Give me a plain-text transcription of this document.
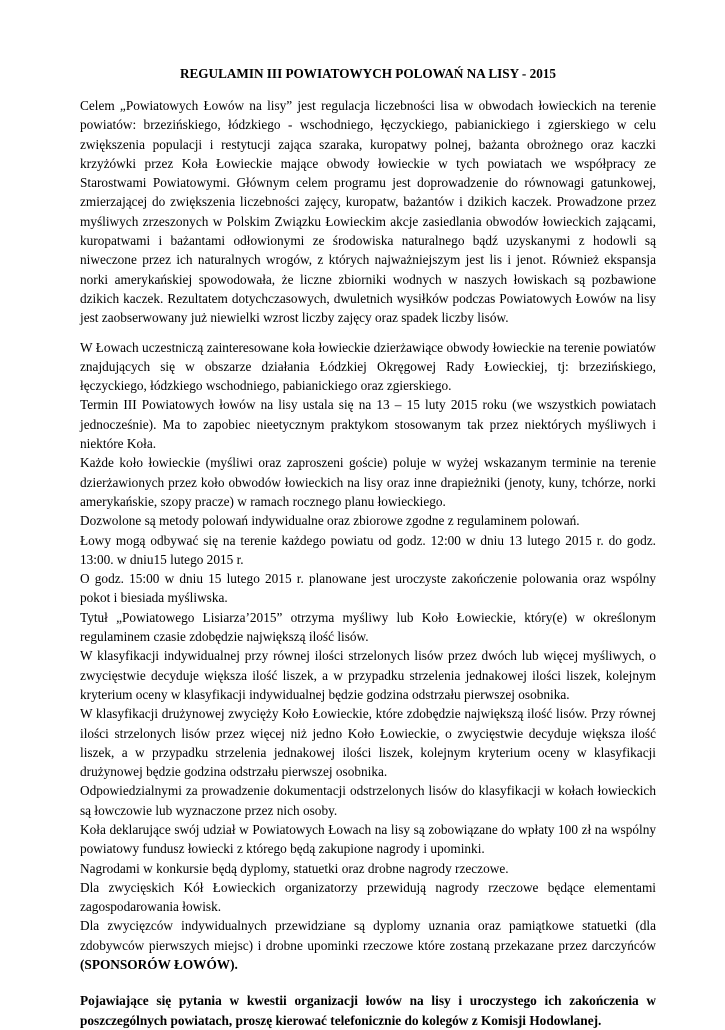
REGULAMIN III POWIATOWYCH POLOWAŃ NA LISY - 2015

Celem „Powiatowych Łowów na lisy” jest regulacja liczebności lisa w obwodach łowieckich na terenie powiatów: brzezińskiego, łódzkiego - wschodniego, łęczyckiego, pabianickiego i zgierskiego w celu zwiększenia populacji i restytucji zająca szaraka, kuropatwy polnej, bażanta obrożnego oraz kaczki krzyżówki przez Koła Łowieckie mające obwody łowieckie w tych powiatach we współpracy ze Starostwami Powiatowymi. Głównym celem programu jest doprowadzenie do równowagi gatunkowej, zmierzającej do zwiększenia liczebności zajęcy, kuropatw, bażantów i dzikich kaczek. Prowadzone przez myśliwych zrzeszonych w Polskim Związku Łowieckim akcje zasiedlania obwodów łowieckich zającami, kuropatwami i bażantami odłowionymi ze środowiska naturalnego bądź uzyskanymi z hodowli są niweczone przez ich naturalnych wrogów, z których najważniejszym jest lis i jenot. Również ekspansja norki amerykańskiej spowodowała, że liczne zbiorniki wodnych w naszych łowiskach są pozbawione dzikich kaczek. Rezultatem dotychczasowych, dwuletnich wysiłków podczas Powiatowych Łowów na lisy jest zaobserwowany już niewielki wzrost liczby zajęcy oraz spadek liczby lisów.

W Łowach uczestniczą zainteresowane koła łowieckie dzierżawiące obwody łowieckie na terenie powiatów znajdujących się w obszarze działania Łódzkiej Okręgowej Rady Łowieckiej, tj: brzezińskiego, łęczyckiego, łódzkiego wschodniego, pabianickiego oraz zgierskiego.

Termin III Powiatowych łowów na lisy ustala się na 13 – 15 luty 2015 roku (we wszystkich powiatach jednocześnie). Ma to zapobiec nieetycznym praktykom stosowanym tak przez niektórych myśliwych i niektóre Koła.

Każde koło łowieckie (myśliwi oraz zaproszeni goście) poluje w wyżej wskazanym terminie na terenie dzierżawionych przez koło obwodów łowieckich na lisy oraz inne drapieżniki (jenoty, kuny, tchórze, norki amerykańskie, szopy pracze) w ramach rocznego planu łowieckiego.

Dozwolone są metody polowań indywidualne oraz zbiorowe zgodne z regulaminem polowań.

Łowy mogą odbywać się na terenie każdego powiatu od godz. 12:00 w dniu 13 lutego 2015 r. do godz. 13:00. w dniu15 lutego 2015 r.

O godz. 15:00 w dniu 15 lutego 2015 r. planowane jest uroczyste zakończenie polowania oraz wspólny pokot i biesiada myśliwska.

Tytuł „Powiatowego Lisiarza’2015” otrzyma myśliwy lub Koło Łowieckie, który(e) w określonym regulaminem czasie zdobędzie największą ilość lisów.

W klasyfikacji indywidualnej przy równej ilości strzelonych lisów przez dwóch lub więcej myśliwych, o zwycięstwie decyduje większa ilość liszek, a w przypadku strzelenia jednakowej ilości liszek, kolejnym kryterium oceny w klasyfikacji indywidualnej będzie godzina odstrzału pierwszej osobnika.

W klasyfikacji drużynowej zwycięży Koło Łowieckie, które zdobędzie największą ilość lisów. Przy równej ilości strzelonych lisów przez więcej niż jedno Koło Łowieckie, o zwycięstwie decyduje większa ilość liszek, a w przypadku strzelenia jednakowej ilości liszek, kolejnym kryterium oceny w klasyfikacji drużynowej będzie godzina odstrzału pierwszej osobnika.

Odpowiedzialnymi za prowadzenie dokumentacji odstrzelonych lisów do klasyfikacji w kołach łowieckich są łowczowie lub wyznaczone przez nich osoby.

Koła deklarujące swój udział w Powiatowych Łowach na lisy są zobowiązane do wpłaty 100 zł na wspólny powiatowy fundusz łowiecki z którego będą zakupione nagrody i upominki.

Nagrodami w konkursie będą dyplomy, statuetki oraz drobne nagrody rzeczowe.

Dla zwycięskich Kół Łowieckich organizatorzy przewidują nagrody rzeczowe będące elementami zagospodarowania łowisk.

Dla zwycięzców indywidualnych przewidziane są dyplomy uznania oraz pamiątkowe statuetki (dla zdobywców pierwszych miejsc) i drobne upominki rzeczowe które zostaną przekazane przez darczyńców (SPONSORÓW ŁOWÓW).

Pojawiające się pytania w kwestii organizacji łowów na lisy i uroczystego ich zakończenia w poszczególnych powiatach, proszę kierować telefonicznie do kolegów z Komisji Hodowlanej.
